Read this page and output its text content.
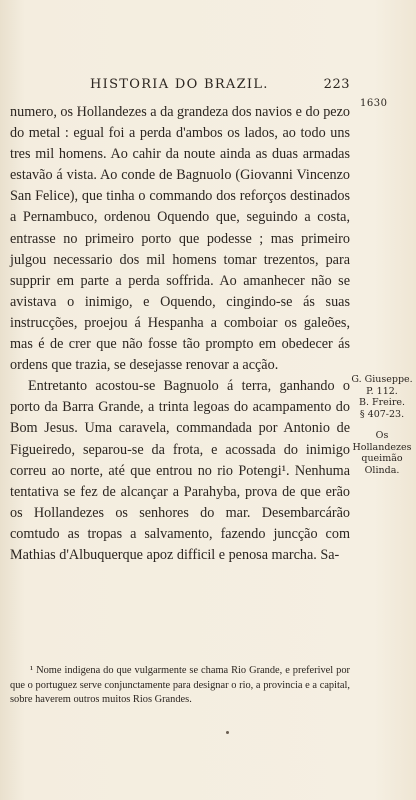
HISTORIA DO BRAZIL.	223
1630

numero, os Hollandezes a da grandeza dos navios e do pezo do metal : egual foi a perda d'ambos os lados, ao todo uns tres mil homens. Ao cahir da noute ainda as duas armadas estavão á vista. Ao conde de Bagnuolo (Giovanni Vincenzo San Felice), que tinha o commando dos reforços destinados a Pernambuco, ordenou Oquendo que, seguindo a costa, entrasse no primeiro porto que podesse ; mas primeiro julgou necessario dos mil homens tomar trezentos, para supprir em parte a perda soffrida. Ao amanhecer não se avistava o inimigo, e Oquendo, cingindo-se ás suas instrucções, proejou á Hespanha a comboiar os galeões, mas é de crer que não fosse tão prompto em obedecer ás ordens que trazia, se desejasse renovar a acção.

Entretanto acostou-se Bagnuolo á terra, ganhando o porto da Barra Grande, a trinta legoas do acampamento do Bom Jesus. Uma caravela, commandada por Antonio de Figueiredo, separou-se da frota, e acossada do inimigo correu ao norte, até que entrou no rio Potengi¹. Nenhuma tentativa se fez de alcançar a Parahyba, prova de que erão os Hollandezes os senhores do mar. Desembarcárão comtudo as tropas a salvamento, fazendo juncção com Mathias d'Albuquerque apoz difficil e penosa marcha. Sa-

G. Giuseppe.
P. 112.
B. Freire.
§ 407-23.
Os
Hollandezes
queimão
Olinda.

¹ Nome indigena do que vulgarmente se chama Rio Grande, e preferivel por que o portuguez serve conjunctamente para designar o rio, a provincia e a capital, sobre haverem outros muitos Rios Grandes.
